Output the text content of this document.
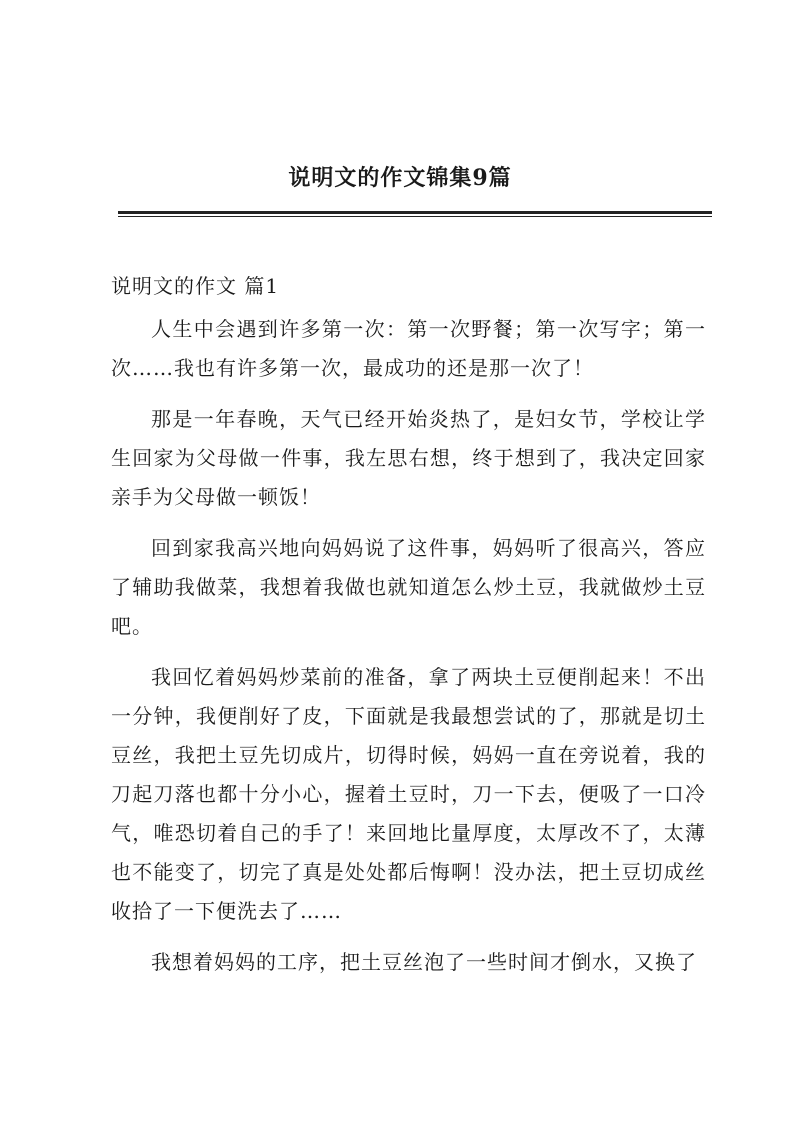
说明文的作文锦集9篇
说明文的作文 篇1

人生中会遇到许多第一次：第一次野餐；第一次写字；第一次……我也有许多第一次，最成功的还是那一次了！

那是一年春晚，天气已经开始炎热了，是妇女节，学校让学生回家为父母做一件事，我左思右想，终于想到了，我决定回家亲手为父母做一顿饭！

回到家我高兴地向妈妈说了这件事，妈妈听了很高兴，答应了辅助我做菜，我想着我做也就知道怎么炒土豆，我就做炒土豆吧。

我回忆着妈妈炒菜前的准备，拿了两块土豆便削起来！不出一分钟，我便削好了皮，下面就是我最想尝试的了，那就是切土豆丝，我把土豆先切成片，切得时候，妈妈一直在旁说着，我的刀起刀落也都十分小心，握着土豆时，刀一下去，便吸了一口冷气，唯恐切着自己的手了！来回地比量厚度，太厚改不了，太薄也不能变了，切完了真是处处都后悔啊！没办法，把土豆切成丝收拾了一下便洗去了……

我想着妈妈的工序，把土豆丝泡了一些时间才倒水，又换了
